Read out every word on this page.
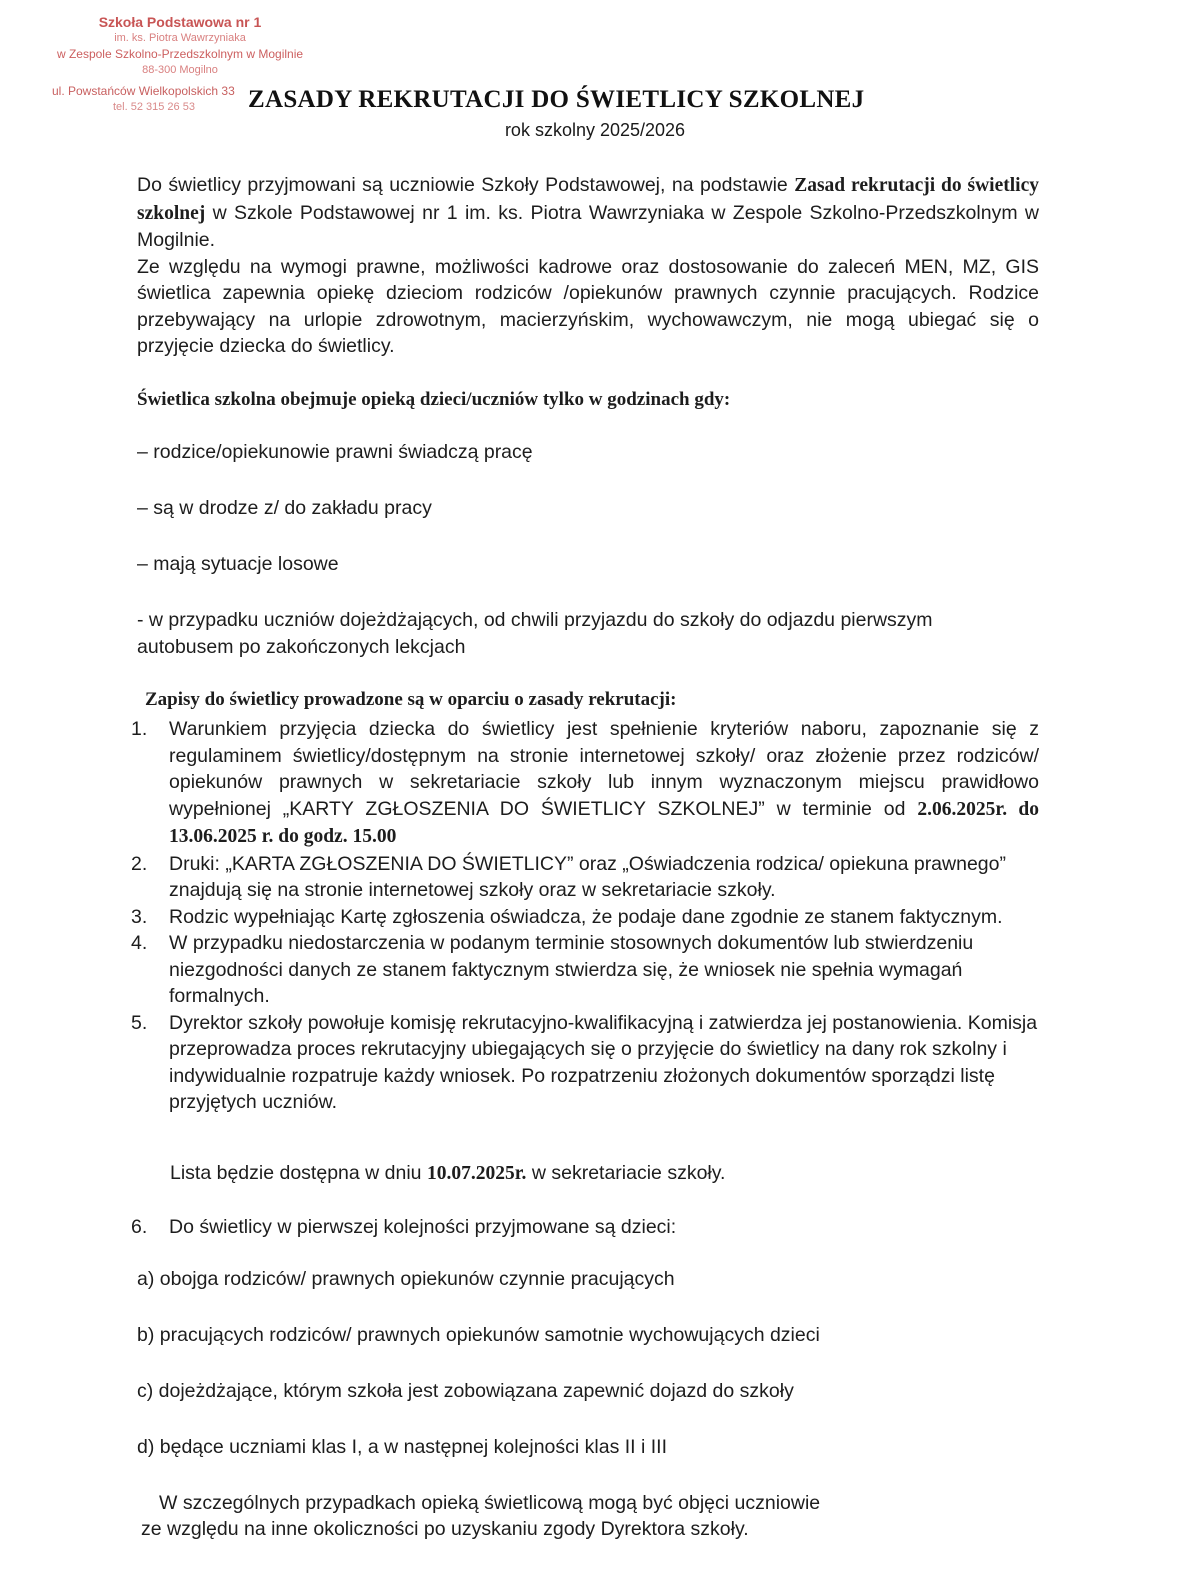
Szkoła Podstawowa nr 1
im. ks. Piotra Wawrzyniaka
w Zespole Szkolno-Przedszkolnym w Mogilnie
88-300 Mogilno
ul. Powstańców Wielkopolskich 33
tel. 52 315 26 53 ZASADY REKRUTACJI DO ŚWIETLICY SZKOLNEJ
rok szkolny 2025/2026

Do świetlicy przyjmowani są uczniowie Szkoły Podstawowej, na podstawie Zasad rekrutacji do świetlicy szkolnej w Szkole Podstawowej nr 1 im. ks. Piotra Wawrzyniaka w Zespole Szkolno-Przedszkolnym w Mogilnie.

Ze względu na wymogi prawne, możliwości kadrowe oraz dostosowanie do zaleceń MEN, MZ, GIS świetlica zapewnia opiekę dzieciom rodziców /opiekunów prawnych czynnie pracujących. Rodzice przebywający na urlopie zdrowotnym, macierzyńskim, wychowawczym, nie mogą ubiegać się o przyjęcie dziecka do świetlicy.

Świetlica szkolna obejmuje opieką dzieci/uczniów tylko w godzinach gdy:
– rodzice/opiekunowie prawni świadczą pracę
– są w drodze z/ do zakładu pracy
– mają sytuacje losowe
- w przypadku uczniów dojeżdżających, od chwili przyjazdu do szkoły do odjazdu pierwszym autobusem po zakończonych lekcjach
Zapisy do świetlicy prowadzone są w oparciu o zasady rekrutacji:
1. Warunkiem przyjęcia dziecka do świetlicy jest spełnienie kryteriów naboru, zapoznanie się z regulaminem świetlicy/dostępnym na stronie internetowej szkoły/ oraz złożenie przez rodziców/ opiekunów prawnych w sekretariacie szkoły lub innym wyznaczonym miejscu prawidłowo wypełnionej „KARTY ZGŁOSZENIA DO ŚWIETLICY SZKOLNEJ” w terminie od 2.06.2025r. do 13.06.2025 r. do godz. 15.00
2. Druki: „KARTA ZGŁOSZENIA DO ŚWIETLICY” oraz „Oświadczenia rodzica/ opiekuna prawnego” znajdują się na stronie internetowej szkoły oraz w sekretariacie szkoły.
3. Rodzic wypełniając Kartę zgłoszenia oświadcza, że podaje dane zgodnie ze stanem faktycznym.
4. W przypadku niedostarczenia w podanym terminie stosownych dokumentów lub stwierdzeniu niezgodności danych ze stanem faktycznym stwierdza się, że wniosek nie spełnia wymagań formalnych.
5. Dyrektor szkoły powołuje komisję rekrutacyjno-kwalifikacyjną i zatwierdza jej postanowienia. Komisja przeprowadza proces rekrutacyjny ubiegających się o przyjęcie do świetlicy na dany rok szkolny i indywidualnie rozpatruje każdy wniosek. Po rozpatrzeniu złożonych dokumentów sporządzi listę przyjętych uczniów.
Lista będzie dostępna w dniu 10.07.2025r. w sekretariacie szkoły.
6. Do świetlicy w pierwszej kolejności przyjmowane są dzieci:
a) obojga rodziców/ prawnych opiekunów czynnie pracujących
b) pracujących rodziców/ prawnych opiekunów samotnie wychowujących dzieci
c) dojeżdżające, którym szkoła jest zobowiązana zapewnić dojazd do szkoły
d) będące uczniami klas I, a w następnej kolejności klas II i III
W szczególnych przypadkach opieką świetlicową mogą być objęci uczniowie
ze względu na inne okoliczności po uzyskaniu zgody Dyrektora szkoły.
